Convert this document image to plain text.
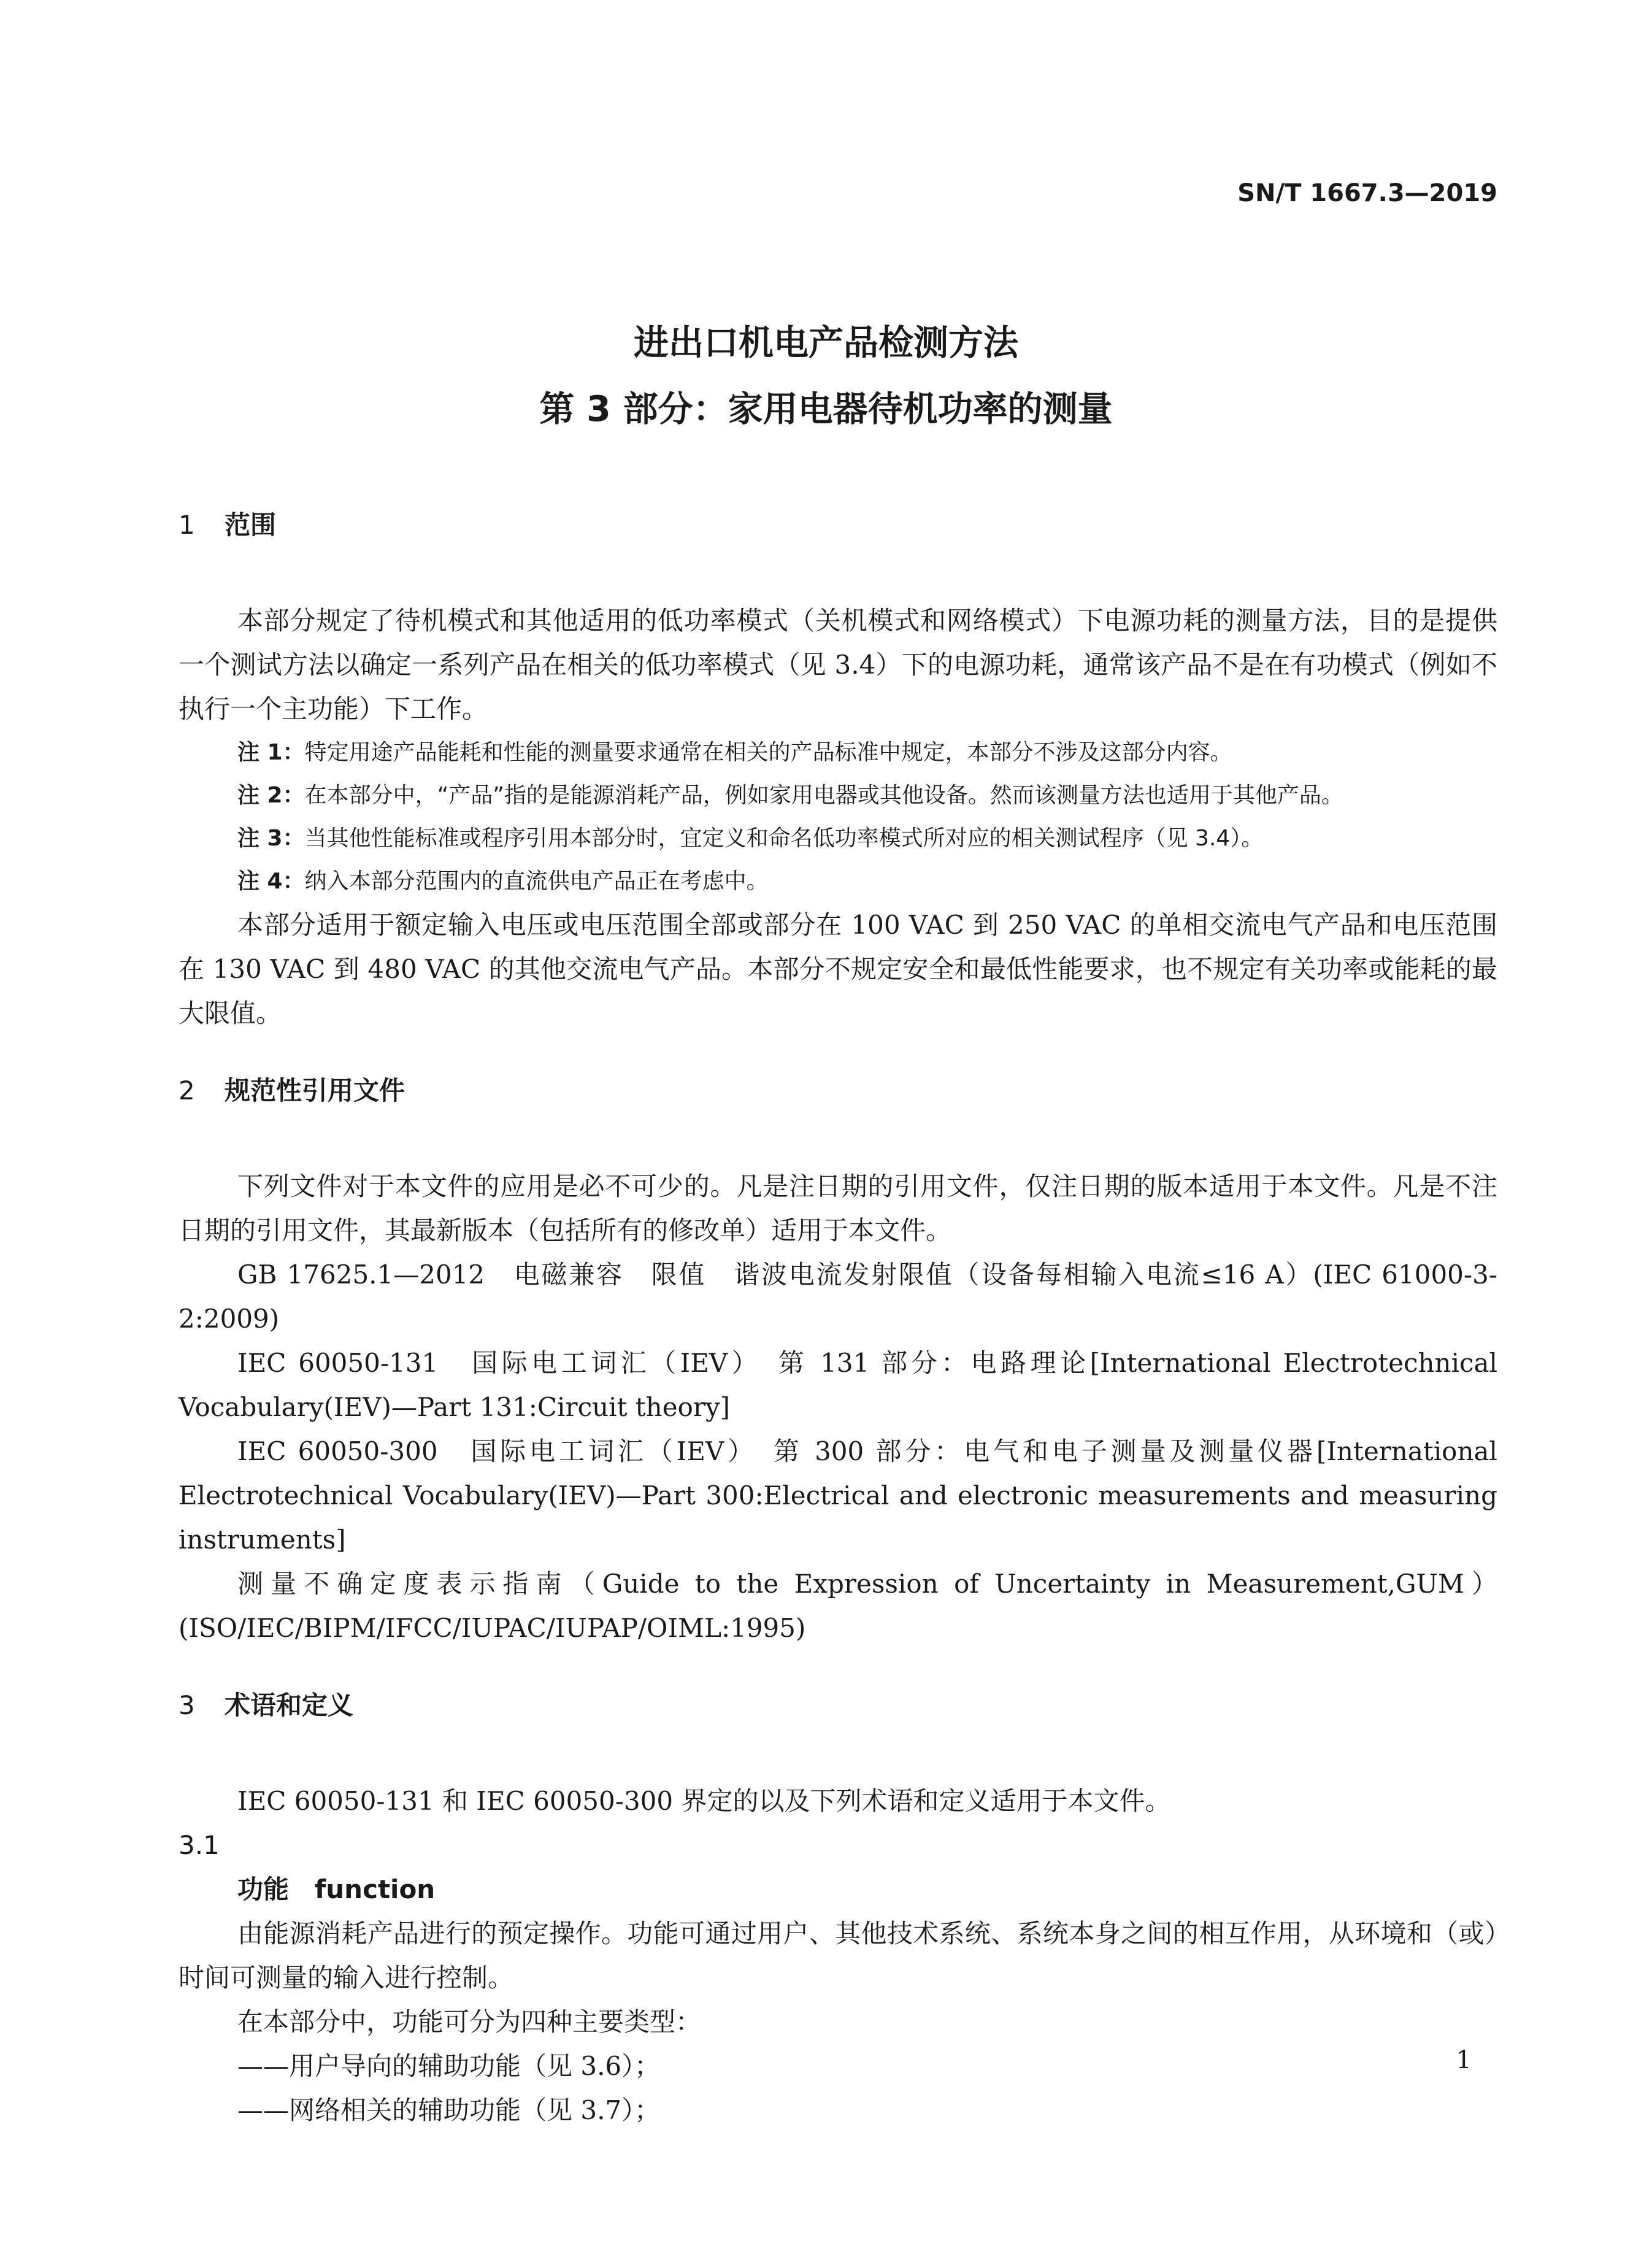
SN/T 1667.3—2019
进出口机电产品检测方法
第 3 部分：家用电器待机功率的测量
1 范围
本部分规定了待机模式和其他适用的低功率模式（关机模式和网络模式）下电源功耗的测量方法，目的是提供一个测试方法以确定一系列产品在相关的低功率模式（见 3.4）下的电源功耗，通常该产品不是在有功模式（例如不执行一个主功能）下工作。
注 1：特定用途产品能耗和性能的测量要求通常在相关的产品标准中规定，本部分不涉及这部分内容。
注 2：在本部分中，“产品”指的是能源消耗产品，例如家用电器或其他设备。然而该测量方法也适用于其他产品。
注 3：当其他性能标准或程序引用本部分时，宜定义和命名低功率模式所对应的相关测试程序（见 3.4）。
注 4：纳入本部分范围内的直流供电产品正在考虑中。
本部分适用于额定输入电压或电压范围全部或部分在 100 VAC 到 250 VAC 的单相交流电气产品和电压范围在 130 VAC 到 480 VAC 的其他交流电气产品。本部分不规定安全和最低性能要求，也不规定有关功率或能耗的最大限值。
2 规范性引用文件
下列文件对于本文件的应用是必不可少的。凡是注日期的引用文件，仅注日期的版本适用于本文件。凡是不注日期的引用文件，其最新版本（包括所有的修改单）适用于本文件。
GB 17625.1—2012　电磁兼容　限值　谐波电流发射限值（设备每相输入电流≤16 A）(IEC 61000-3-2:2009)
IEC 60050-131　国际电工词汇（IEV）　第 131 部分：电路理论[International Electrotechnical Vocabulary(IEV)—Part 131:Circuit theory]
IEC 60050-300　国际电工词汇（IEV）　第 300 部分：电气和电子测量及测量仪器[International Electrotechnical Vocabulary(IEV)—Part 300:Electrical and electronic measurements and measuring instruments]
测量不确定度表示指南（Guide to the Expression of Uncertainty in Measurement,GUM）(ISO/IEC/BIPM/IFCC/IUPAC/IUPAP/OIML:1995)
3 术语和定义
IEC 60050-131 和 IEC 60050-300 界定的以及下列术语和定义适用于本文件。
3.1
功能　function
由能源消耗产品进行的预定操作。功能可通过用户、其他技术系统、系统本身之间的相互作用，从环境和（或）时间可测量的输入进行控制。
在本部分中，功能可分为四种主要类型：
——用户导向的辅助功能（见 3.6）；
——网络相关的辅助功能（见 3.7）；
1
